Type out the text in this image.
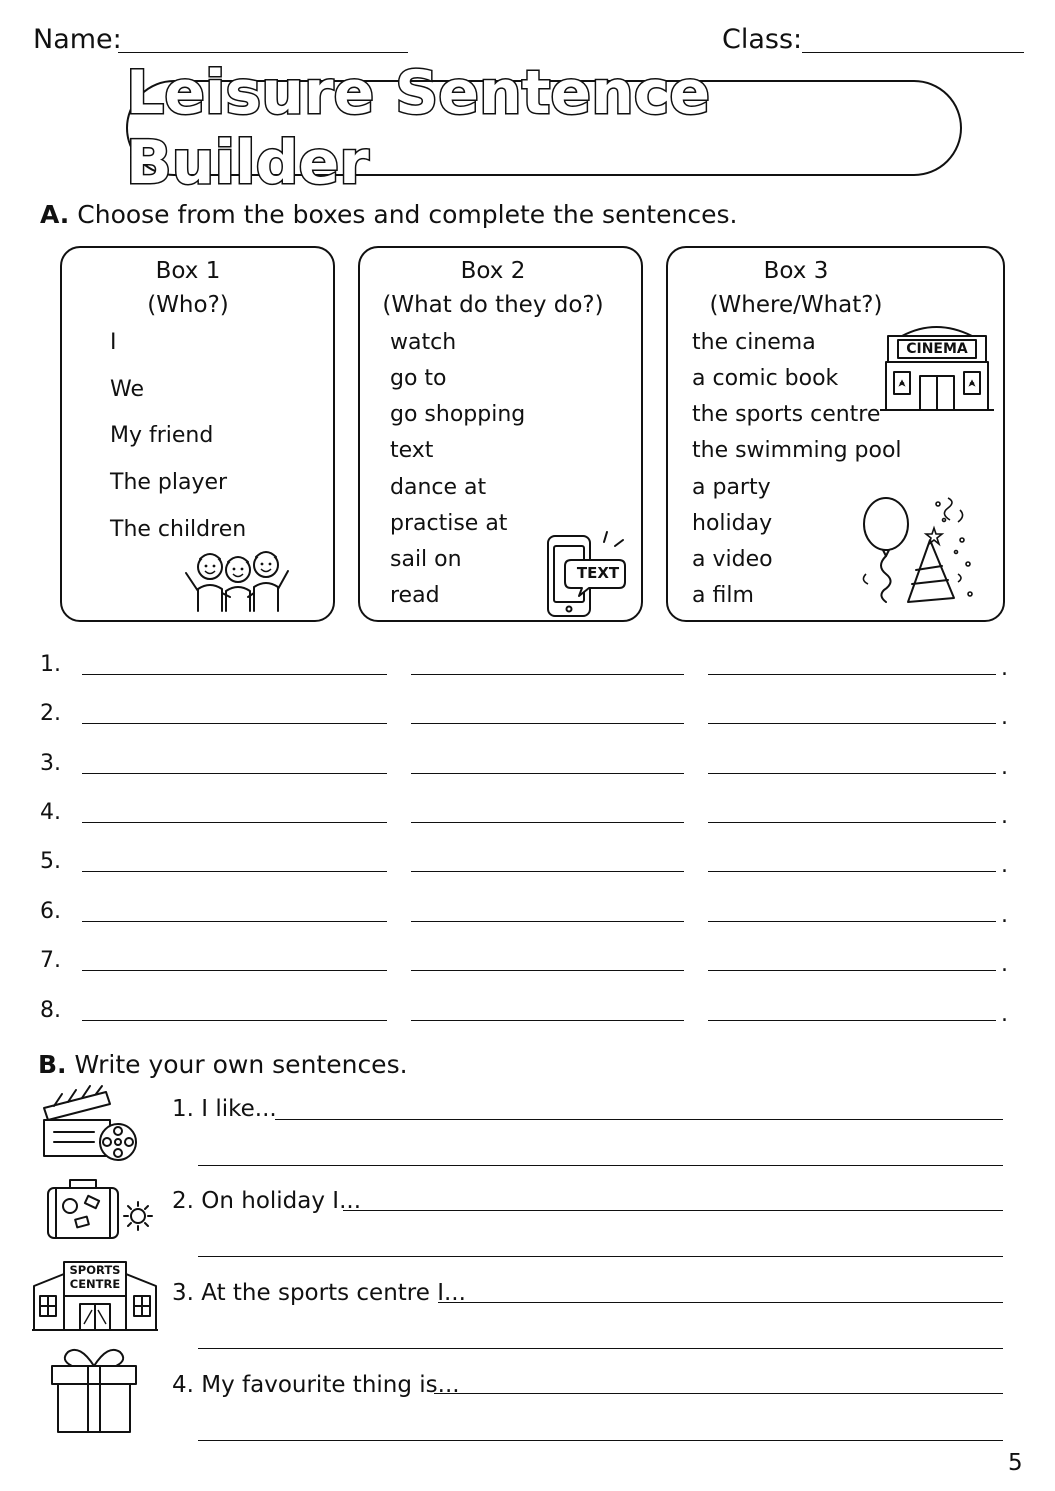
Name:	Class:
Leisure Sentence Builder
A. Choose from the boxes and complete the sentences.
Box 1
(Who?)
I
We
My friend
The player
The children
Box 2
(What do they do?)
watch
go to
go shopping
text
dance at
practise at
sail on
read
TEXT
Box 3
(Where/What?)
the cinema
a comic book
the sports centre
the swimming pool
a party
holiday
a video
a film
CINEMA
1.	.
2.	.
3.	.
4.	.
5.	.
6.	.
7.	.
8.	.
B. Write your own sentences.
SPORTS
CENTRE
1. I like...
2. On holiday I...
3. At the sports centre I...
4. My favourite thing is...
5
